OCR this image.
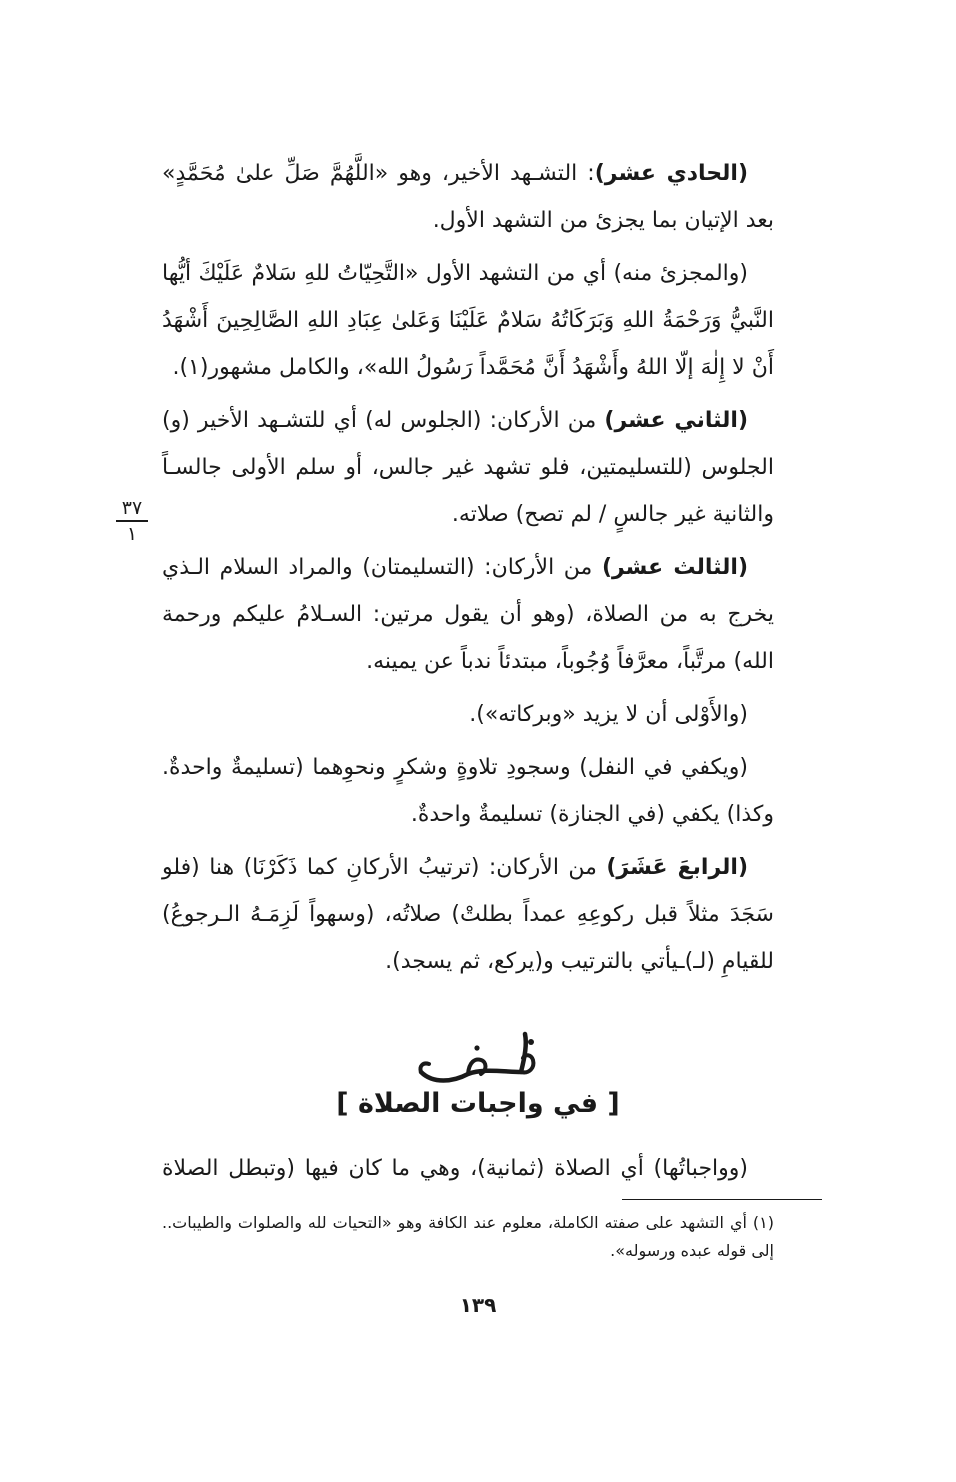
(الحادي عشر): التشـهد الأخير، وهو «اللَّهُمَّ صَلِّ علىٰ مُحَمَّدٍ» بعد الإتيان بما يجزئ من التشهد الأول.

(والمجزئ منه) أي من التشهد الأول «التَّحِيّاتُ للهِ سَلامٌ عَلَيْكَ أيُّها النَّبيُّ وَرَحْمَةُ اللهِ وَبَرَكَاتُهُ سَلامٌ عَلَيْنَا وَعَلىٰ عِبَادِ اللهِ الصَّالِحِينَ أَشْهَدُ أَنْ لا إِلٰهَ إلّا اللهُ وأَشْهَدُ أَنَّ مُحَمَّداً رَسُولُ الله»، والكامل مشهور(١).

(الثاني عشر) من الأركان: (الجلوس له) أي للتشـهد الأخير (و) الجلوس (للتسليمتين، فلو تشهد غير جالس، أو سلم الأولى جالسـاً والثانية غير جالسٍ / لم تصح) صلاته.

(الثالث عشر) من الأركان: (التسليمتان) والمراد السلام الـذي يخرج به من الصلاة، (وهو أن يقول مرتين: السـلامُ عليكم ورحمة الله) مرتَّباً، معرَّفاً وُجُوباً، مبتدئاً ندباً عن يمينه.

(والأَوْلى أن لا يزيد «وبركاته»).

(ويكفي في النفل) وسجودِ تلاوةٍ وشكرٍ ونحوِهما (تسليمةٌ واحدةٌ. وكذا) يكفي (في الجنازة) تسليمةٌ واحدةٌ.

(الرابعَ عَشَرَ) من الأركان: (ترتيبُ الأركانِ كما ذَكَرْنَا) هنا (فلو سَجَدَ مثلاً قبل ركوعِهِ عمداً بطلتْ) صلاتُه، (وسهواً لَزِمَـهُ الـرجوعُ) للقيامِ (لـ)ـيأتي بالترتيب و(يركع، ثم يسجد).

٣٧
١
[ في واجبات الصلاة ]
(وواجباتُها) أي الصلاة (ثمانية)، وهي ما كان فيها (وتبطل الصلاة
(١) أي التشهد على صفته الكاملة، معلوم عند الكافة وهو «التحيات لله والصلوات والطيبات.. إلى قوله عبده ورسوله».
١٣٩
